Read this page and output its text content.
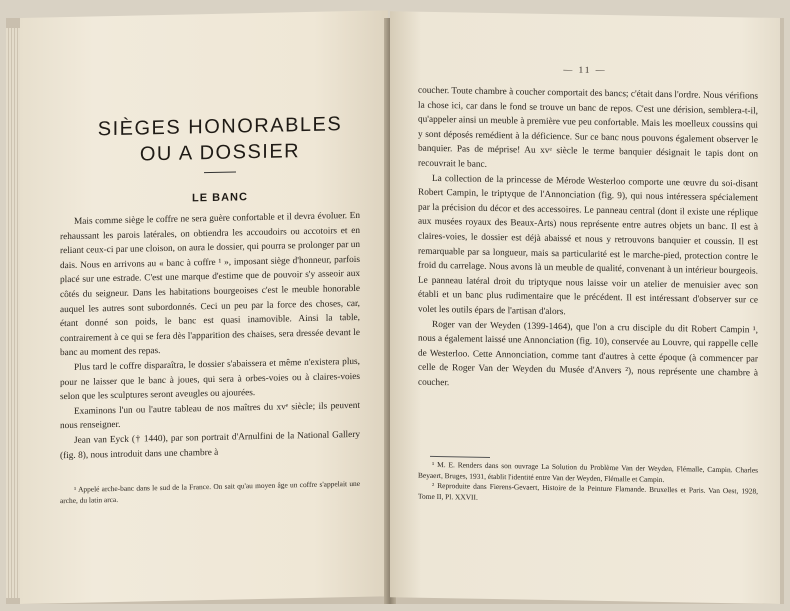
SIÈGES HONORABLES
OU A DOSSIER
LE BANC

Mais comme siège le coffre ne sera guère confortable et il devra évoluer. En rehaussant les parois latérales, on obtiendra les accoudoirs ou accotoirs et en reliant ceux-ci par une cloison, on aura le dossier, qui pourra se prolonger par un dais. Nous en arrivons au « banc à coffre ¹ », imposant siège d'honneur, parfois placé sur une estrade. C'est une marque d'estime que de pouvoir s'y asseoir aux côtés du seigneur. Dans les habitations bourgeoises c'est le meuble honorable auquel les autres sont subordonnés. Ceci un peu par la force des choses, car, étant donné son poids, le banc est quasi inamovible. Ainsi la table, contrairement à ce qui se fera dès l'apparition des chaises, sera dressée devant le banc au moment des repas.

Plus tard le coffre disparaîtra, le dossier s'abaissera et même n'existera plus, pour ne laisser que le banc à joues, qui sera à orbes-voies ou à claires-voies selon que les sculptures seront aveugles ou ajourées.

Examinons l'un ou l'autre tableau de nos maîtres du xvᵉ siècle; ils peuvent nous renseigner.

Jean van Eyck († 1440), par son portrait d'Arnulfini de la National Gallery (fig. 8), nous introduit dans une chambre à

¹ Appelé arche-banc dans le sud de la France. On sait qu'au moyen âge un coffre s'appelait une arche, du latin arca.

— 11 —

coucher. Toute chambre à coucher comportait des bancs; c'était dans l'ordre. Nous vérifions la chose ici, car dans le fond se trouve un banc de repos. C'est une dérision, semblera-t-il, qu'appeler ainsi un meuble à première vue peu confortable. Mais les moelleux coussins qui y sont déposés remédient à la déficience. Sur ce banc nous pouvons également observer le banquier. Pas de méprise! Au xvᵉ siècle le terme banquier désignait le tapis dont on recouvrait le banc.

La collection de la princesse de Mérode Westerloo comporte une œuvre du soi-disant Robert Campin, le triptyque de l'Annonciation (fig. 9), qui nous intéressera spécialement par la précision du décor et des accessoires. Le panneau central (dont il existe une réplique aux musées royaux des Beaux-Arts) nous représente entre autres objets un banc. Il est à claires-voies, le dossier est déjà abaissé et nous y retrouvons banquier et coussin. Il est remarquable par sa longueur, mais sa particularité est le marche-pied, protection contre le froid du carrelage. Nous avons là un meuble de qualité, convenant à un intérieur bourgeois. Le panneau latéral droit du triptyque nous laisse voir un atelier de menuisier avec son établi et un banc plus rudimentaire que le précédent. Il est intéressant d'observer sur ce volet les outils épars de l'artisan d'alors.

Roger van der Weyden (1399-1464), que l'on a cru disciple du dit Robert Campin ¹, nous a également laissé une Annonciation (fig. 10), conservée au Louvre, qui rappelle celle de Westerloo. Cette Annonciation, comme tant d'autres à cette époque (à commencer par celle de Roger Van der Weyden du Musée d'Anvers ²), nous représente une chambre à coucher.

¹ M. E. Renders dans son ouvrage La Solution du Problème Van der Weyden, Flémalle, Campin. Charles Beyaert, Bruges, 1931, établit l'identité entre Van der Weyden, Flémalle et Campin.

² Reproduite dans Fierens-Gevaert, Histoire de la Peinture Flamande. Bruxelles et Paris. Van Oest, 1928, Tome II, Pl. XXVII.
